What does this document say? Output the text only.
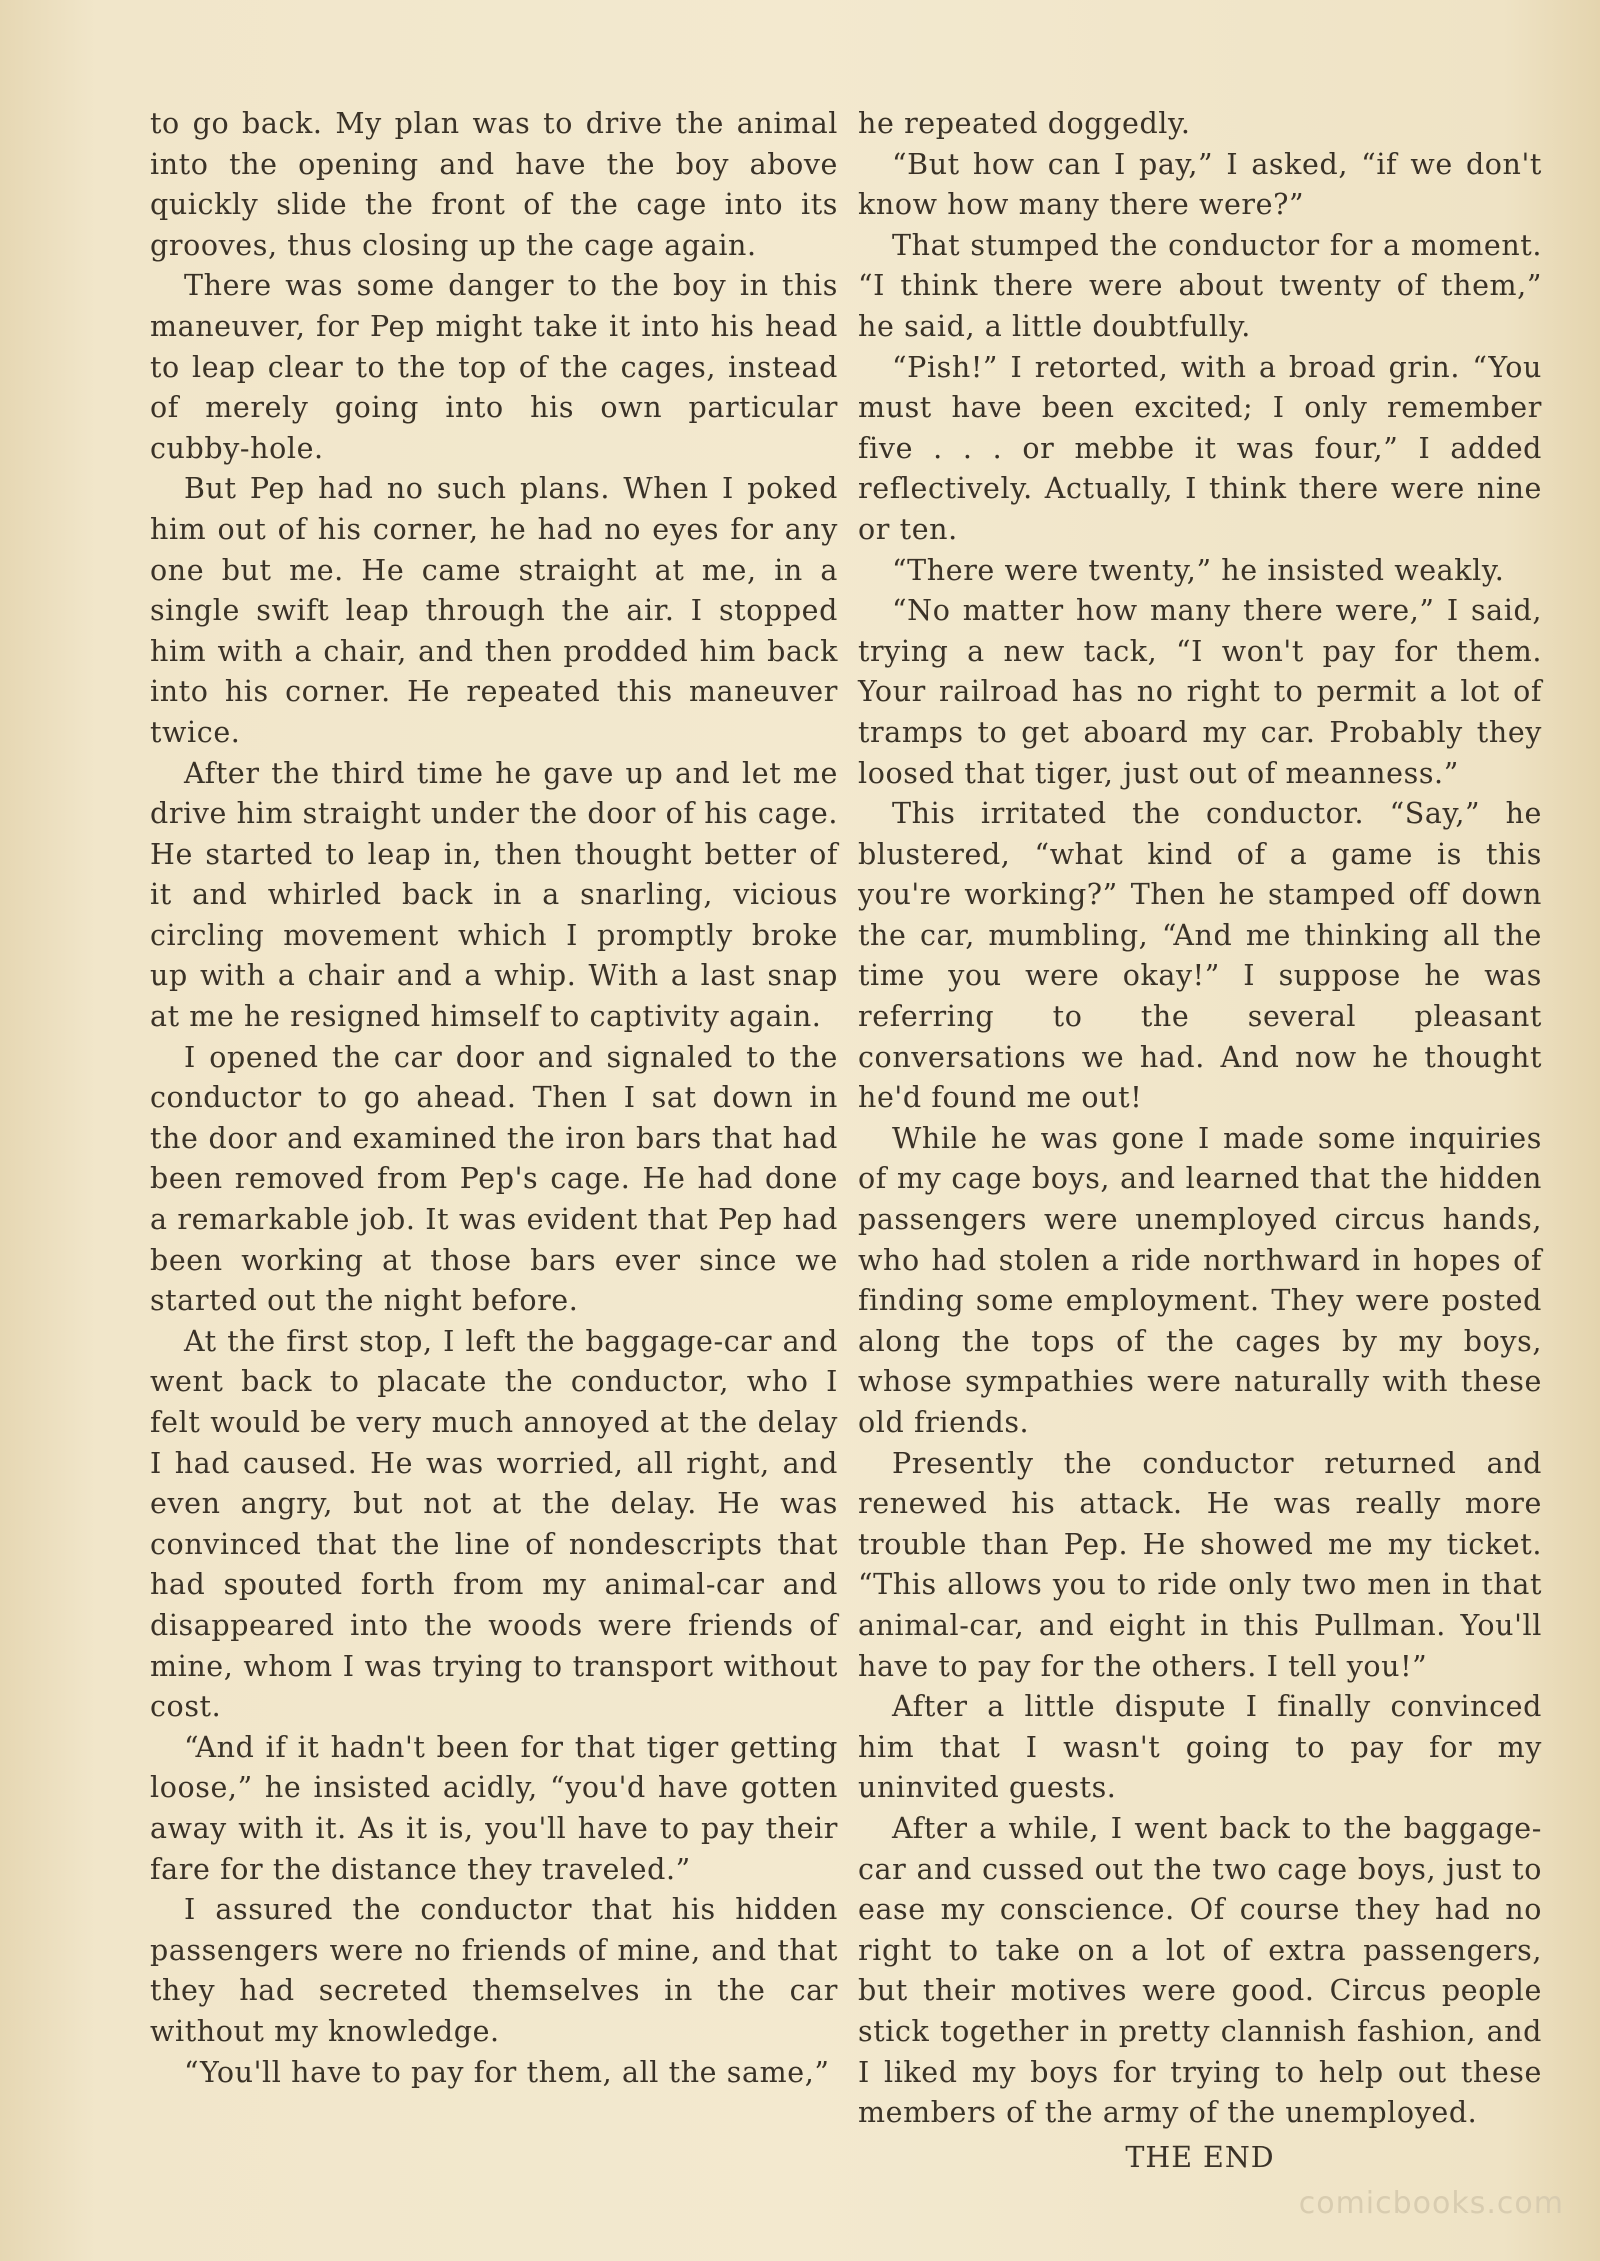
to go back. My plan was to drive the animal into the opening and have the boy above quickly slide the front of the cage into its grooves, thus closing up the cage again.

There was some danger to the boy in this maneuver, for Pep might take it into his head to leap clear to the top of the cages, instead of merely going into his own particular cubby-hole.

But Pep had no such plans. When I poked him out of his corner, he had no eyes for any one but me. He came straight at me, in a single swift leap through the air. I stopped him with a chair, and then prodded him back into his corner. He repeated this maneuver twice.

After the third time he gave up and let me drive him straight under the door of his cage. He started to leap in, then thought better of it and whirled back in a snarling, vicious circling movement which I promptly broke up with a chair and a whip. With a last snap at me he resigned himself to captivity again.

I opened the car door and signaled to the conductor to go ahead. Then I sat down in the door and examined the iron bars that had been removed from Pep's cage. He had done a remarkable job. It was evident that Pep had been working at those bars ever since we started out the night before.

At the first stop, I left the baggage-car and went back to placate the conductor, who I felt would be very much annoyed at the delay I had caused. He was worried, all right, and even angry, but not at the delay. He was convinced that the line of nondescripts that had spouted forth from my animal-car and disappeared into the woods were friends of mine, whom I was trying to transport without cost.

“And if it hadn't been for that tiger getting loose,” he insisted acidly, “you'd have gotten away with it. As it is, you'll have to pay their fare for the distance they traveled.”

I assured the conductor that his hidden passengers were no friends of mine, and that they had secreted themselves in the car without my knowledge.

“You'll have to pay for them, all the same,”

he repeated doggedly.

“But how can I pay,” I asked, “if we don't know how many there were?”

That stumped the conductor for a moment. “I think there were about twenty of them,” he said, a little doubtfully.

“Pish!” I retorted, with a broad grin. “You must have been excited; I only remember five . . . or mebbe it was four,” I added reflectively. Actually, I think there were nine or ten.

“There were twenty,” he insisted weakly.

“No matter how many there were,” I said, trying a new tack, “I won't pay for them. Your railroad has no right to permit a lot of tramps to get aboard my car. Probably they loosed that tiger, just out of meanness.”

This irritated the conductor. “Say,” he blustered, “what kind of a game is this you're working?” Then he stamped off down the car, mumbling, “And me thinking all the time you were okay!” I suppose he was referring to the several pleasant conversations we had. And now he thought he'd found me out!

While he was gone I made some inquiries of my cage boys, and learned that the hidden passengers were unemployed circus hands, who had stolen a ride northward in hopes of finding some employment. They were posted along the tops of the cages by my boys, whose sympathies were naturally with these old friends.

Presently the conductor returned and renewed his attack. He was really more trouble than Pep. He showed me my ticket. “This allows you to ride only two men in that animal-car, and eight in this Pullman. You'll have to pay for the others. I tell you!”

After a little dispute I finally convinced him that I wasn't going to pay for my uninvited guests.

After a while, I went back to the baggage-car and cussed out the two cage boys, just to ease my conscience. Of course they had no right to take on a lot of extra passengers, but their motives were good. Circus people stick together in pretty clannish fashion, and I liked my boys for trying to help out these members of the army of the unemployed.

THE END

comicbooks.com
